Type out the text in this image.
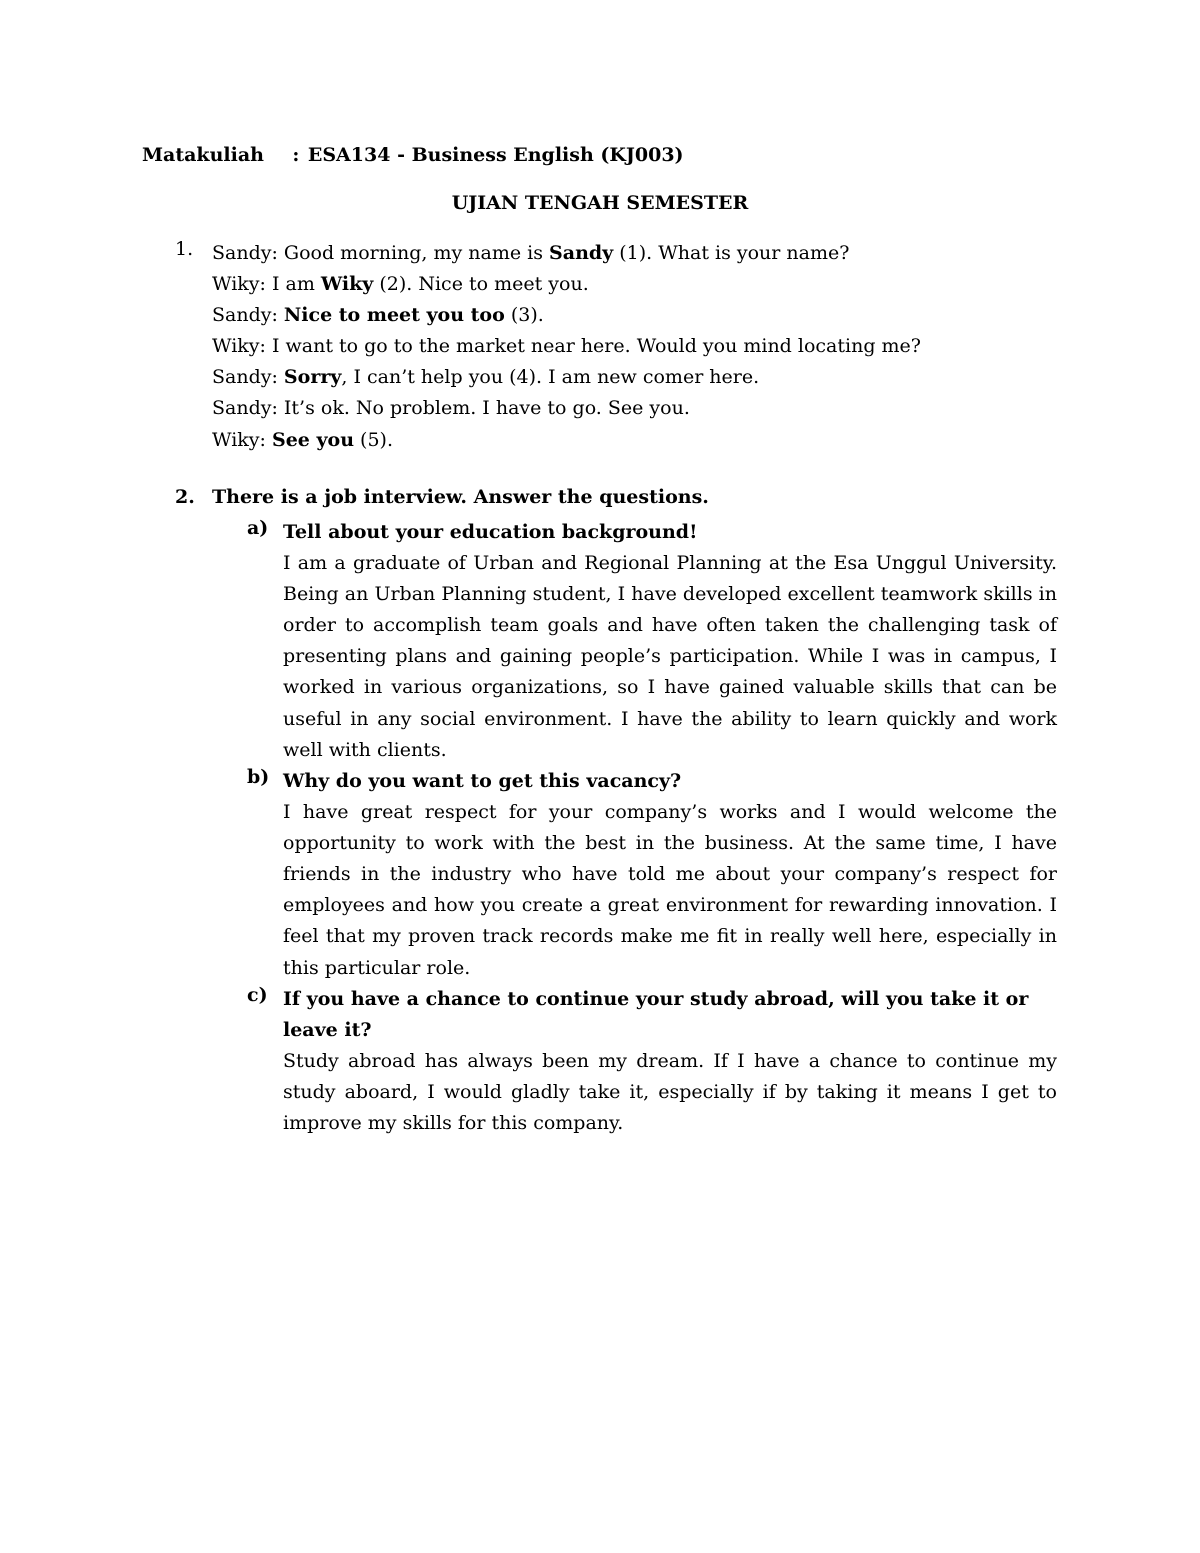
Matakuliah : ESA134 - Business English (KJ003)
UJIAN TENGAH SEMESTER
1. Sandy: Good morning, my name is Sandy (1). What is your name?
Wiky: I am Wiky (2). Nice to meet you.
Sandy: Nice to meet you too (3).
Wiky: I want to go to the market near here. Would you mind locating me?
Sandy: Sorry, I can’t help you (4). I am new comer here.
Sandy: It’s ok. No problem. I have to go. See you.
Wiky: See you (5).
2. There is a job interview. Answer the questions.
a) Tell about your education background!
I am a graduate of Urban and Regional Planning at the Esa Unggul University. Being an Urban Planning student, I have developed excellent teamwork skills in order to accomplish team goals and have often taken the challenging task of presenting plans and gaining people’s participation. While I was in campus, I worked in various organizations, so I have gained valuable skills that can be useful in any social environment. I have the ability to learn quickly and work well with clients.
b) Why do you want to get this vacancy?
I have great respect for your company’s works and I would welcome the opportunity to work with the best in the business. At the same time, I have friends in the industry who have told me about your company’s respect for employees and how you create a great environment for rewarding innovation. I feel that my proven track records make me fit in really well here, especially in this particular role.
c) If you have a chance to continue your study abroad, will you take it or leave it?
Study abroad has always been my dream. If I have a chance to continue my study aboard, I would gladly take it, especially if by taking it means I get to improve my skills for this company.
